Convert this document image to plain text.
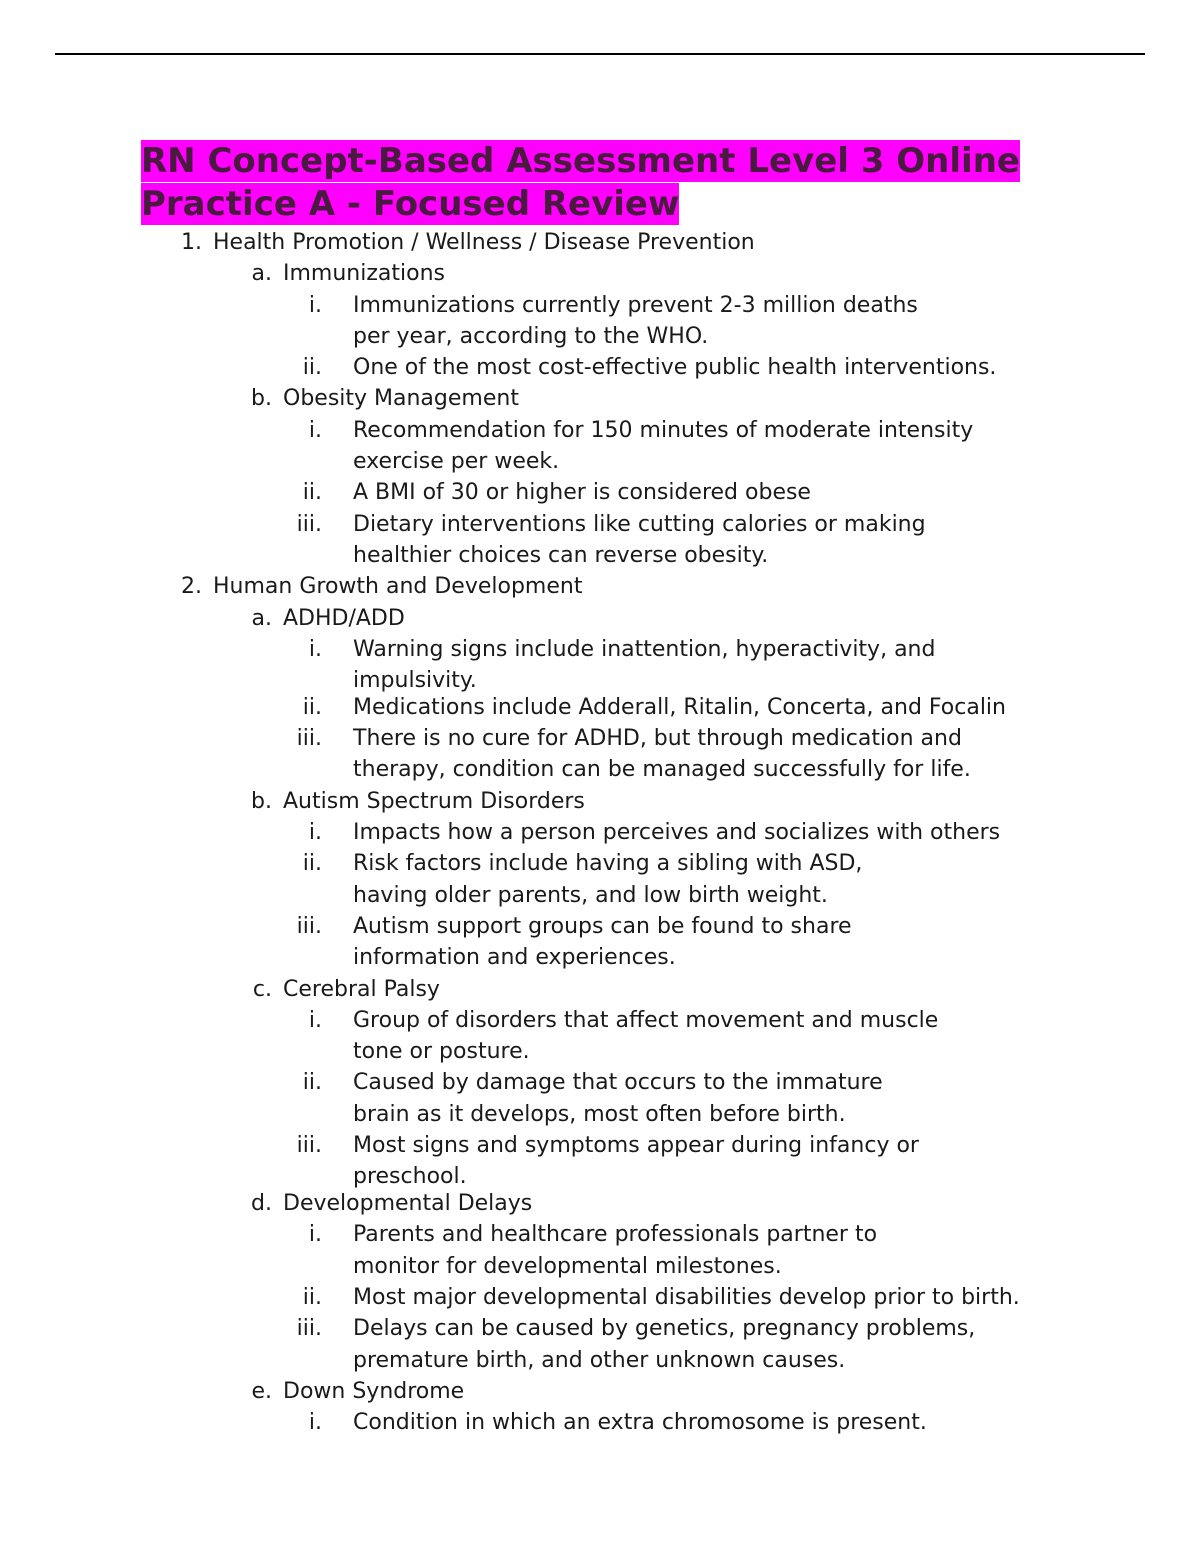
RN Concept-Based Assessment Level 3 Online
Practice A - Focused Review
1. Health Promotion / Wellness / Disease Prevention
a. Immunizations
i. Immunizations currently prevent 2-3 million deaths
per year, according to the WHO.
ii. One of the most cost-effective public health interventions.
b. Obesity Management
i. Recommendation for 150 minutes of moderate intensity
exercise per week.
ii. A BMI of 30 or higher is considered obese
iii. Dietary interventions like cutting calories or making
healthier choices can reverse obesity.
2. Human Growth and Development
a. ADHD/ADD
i. Warning signs include inattention, hyperactivity, and
impulsivity.
ii. Medications include Adderall, Ritalin, Concerta, and Focalin
iii. There is no cure for ADHD, but through medication and
therapy, condition can be managed successfully for life.
b. Autism Spectrum Disorders
i. Impacts how a person perceives and socializes with others
ii. Risk factors include having a sibling with ASD,
having older parents, and low birth weight.
iii. Autism support groups can be found to share
information and experiences.
c. Cerebral Palsy
i. Group of disorders that affect movement and muscle
tone or posture.
ii. Caused by damage that occurs to the immature
brain as it develops, most often before birth.
iii. Most signs and symptoms appear during infancy or
preschool.
d. Developmental Delays
i. Parents and healthcare professionals partner to
monitor for developmental milestones.
ii. Most major developmental disabilities develop prior to birth.
iii. Delays can be caused by genetics, pregnancy problems,
premature birth, and other unknown causes.
e. Down Syndrome
i. Condition in which an extra chromosome is present.
